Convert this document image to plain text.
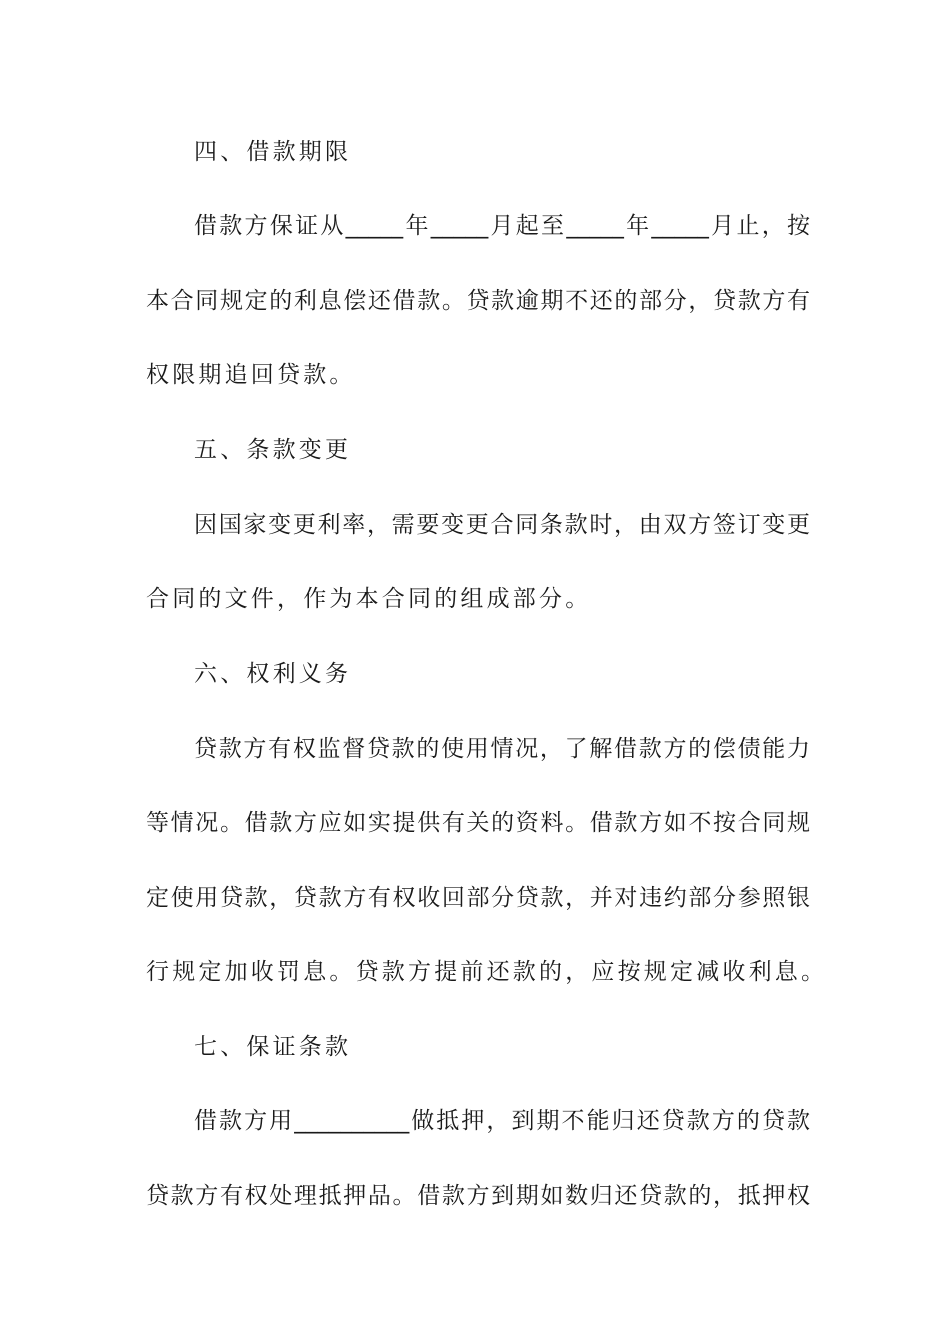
四、借款期限
借款方保证从_____年_____月起至_____年_____月止，按
本合同规定的利息偿还借款。贷款逾期不还的部分，贷款方有
权限期追回贷款。
五、条款变更
因国家变更利率，需要变更合同条款时，由双方签订变更
合同的文件，作为本合同的组成部分。
六、权利义务
贷款方有权监督贷款的使用情况，了解借款方的偿债能力
等情况。借款方应如实提供有关的资料。借款方如不按合同规
定使用贷款，贷款方有权收回部分贷款，并对违约部分参照银
行规定加收罚息。贷款方提前还款的，应按规定减收利息。
七、保证条款
借款方用__________做抵押，到期不能归还贷款方的贷款
贷款方有权处理抵押品。借款方到期如数归还贷款的，抵押权
